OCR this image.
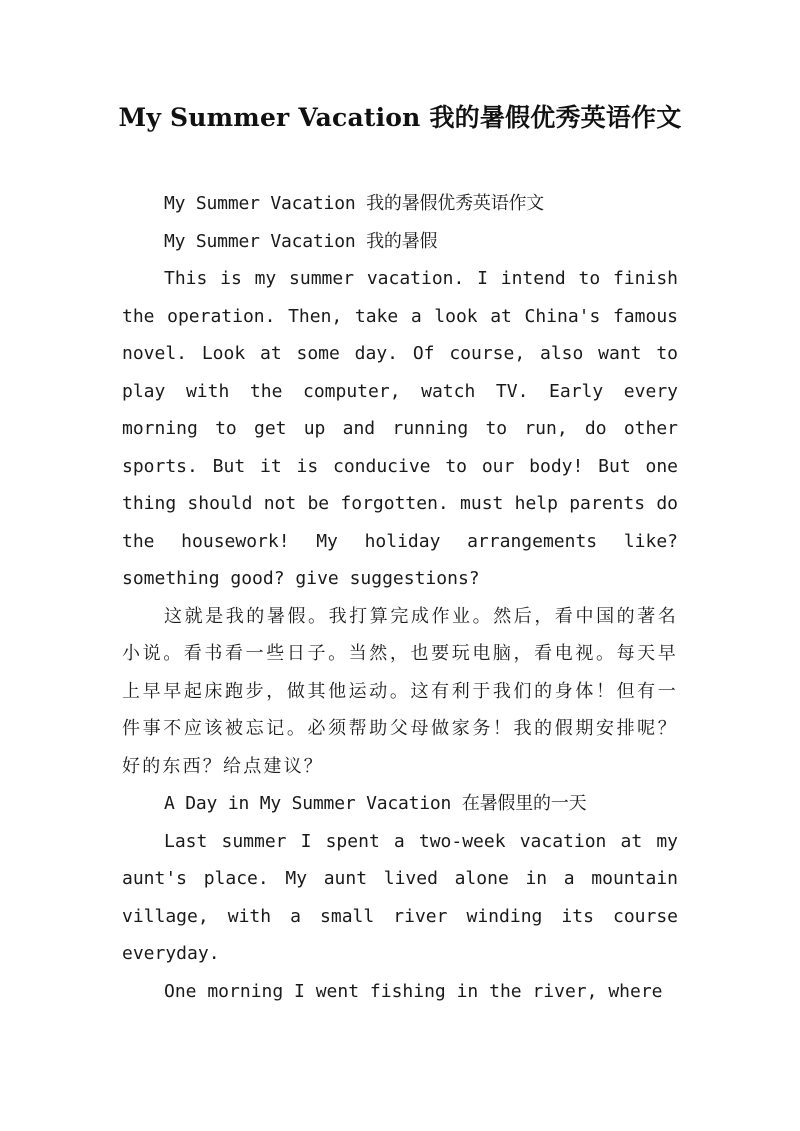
My Summer Vacation 我的暑假优秀英语作文

My Summer Vacation 我的暑假优秀英语作文

My Summer Vacation 我的暑假

This is my summer vacation. I intend to finish the operation. Then, take a look at China's famous novel. Look at some day. Of course, also want to play with the computer, watch TV. Early every morning to get up and running to run, do other sports. But it is conducive to our body! But one thing should not be forgotten. must help parents do the housework! My holiday arrangements like? something good? give suggestions?

这就是我的暑假。我打算完成作业。然后，看中国的著名小说。看书看一些日子。当然，也要玩电脑，看电视。每天早上早早起床跑步，做其他运动。这有利于我们的身体！但有一件事不应该被忘记。必须帮助父母做家务！我的假期安排呢？好的东西？给点建议？

A Day in My Summer Vacation 在暑假里的一天

Last summer I spent a two-week vacation at my aunt's place. My aunt lived alone in a mountain village, with a small river winding its course everyday.

One morning I went fishing in the river, where
